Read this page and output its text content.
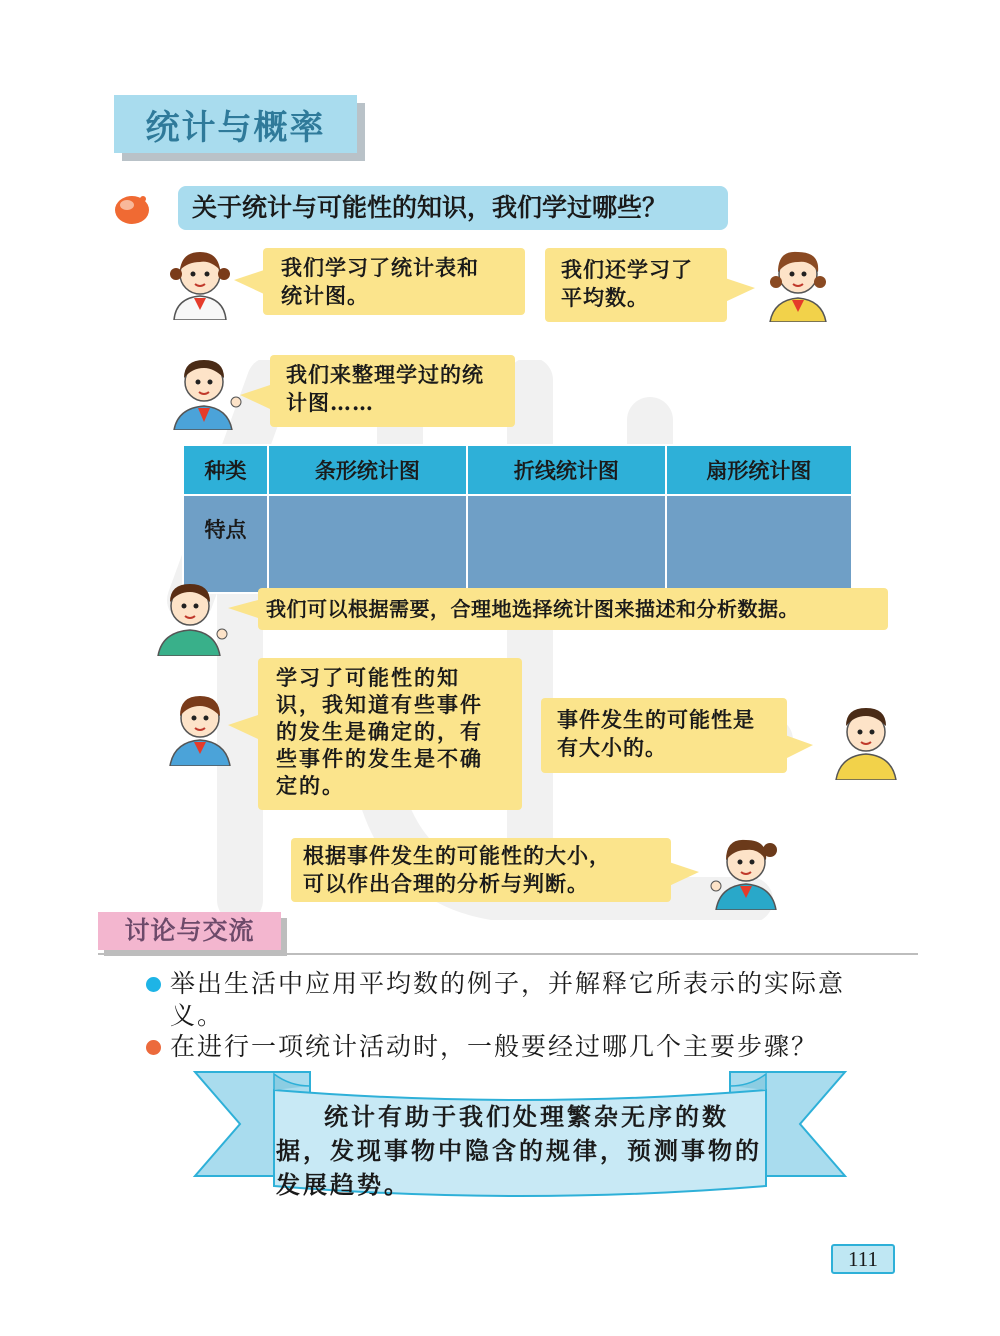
统计与概率
关于统计与可能性的知识，我们学过哪些？
我们学习了统计表和
统计图。
我们还学习了
平均数。
我们来整理学过的统
计图……
种类	条形统计图	折线统计图	扇形统计图
特点			
我们可以根据需要，合理地选择统计图来描述和分析数据。
学习了可能性的知
识，我知道有些事件
的发生是确定的，有
些事件的发生是不确
定的。
事件发生的可能性是
有大小的。
根据事件发生的可能性的大小，
可以作出合理的分析与判断。
讨论与交流
举出生活中应用平均数的例子，并解释它所表示的实际意义。
在进行一项统计活动时，一般要经过哪几个主要步骤？
统计有助于我们处理繁杂无序的数据，发现事物中隐含的规律，预测事物的发展趋势。
111
